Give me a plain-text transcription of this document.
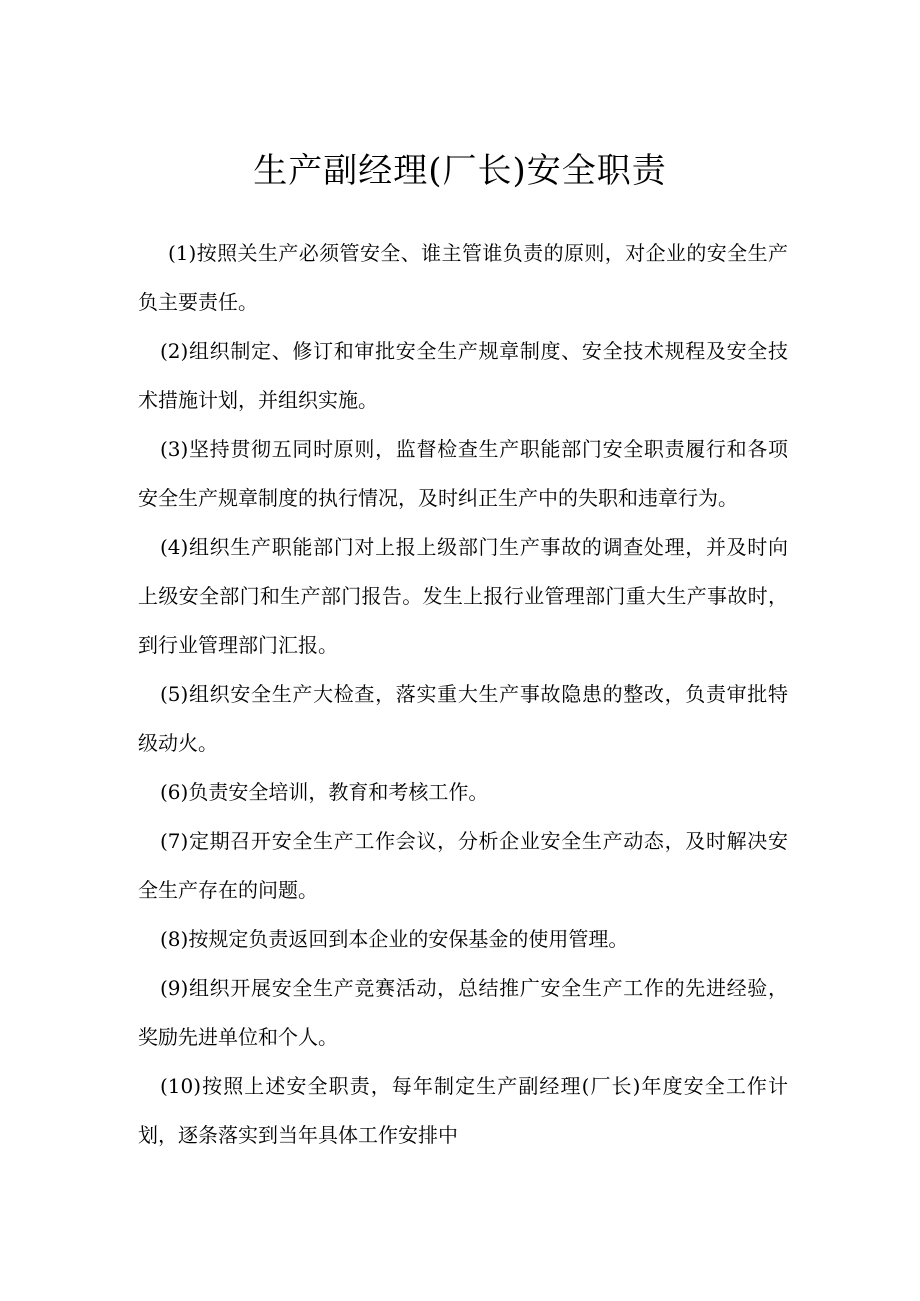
生产副经理(厂长)安全职责

(1)按照关生产必须管安全、谁主管谁负责的原则，对企业的安全生产负主要责任。

(2)组织制定、修订和审批安全生产规章制度、安全技术规程及安全技术措施计划，并组织实施。

(3)坚持贯彻五同时原则，监督检查生产职能部门安全职责履行和各项安全生产规章制度的执行情况，及时纠正生产中的失职和违章行为。

(4)组织生产职能部门对上报上级部门生产事故的调查处理，并及时向上级安全部门和生产部门报告。发生上报行业管理部门重大生产事故时，到行业管理部门汇报。

(5)组织安全生产大检查，落实重大生产事故隐患的整改，负责审批特级动火。

(6)负责安全培训，教育和考核工作。

(7)定期召开安全生产工作会议，分析企业安全生产动态，及时解决安全生产存在的问题。

(8)按规定负责返回到本企业的安保基金的使用管理。

(9)组织开展安全生产竞赛活动，总结推广安全生产工作的先进经验，奖励先进单位和个人。

(10)按照上述安全职责，每年制定生产副经理(厂长)年度安全工作计划，逐条落实到当年具体工作安排中
